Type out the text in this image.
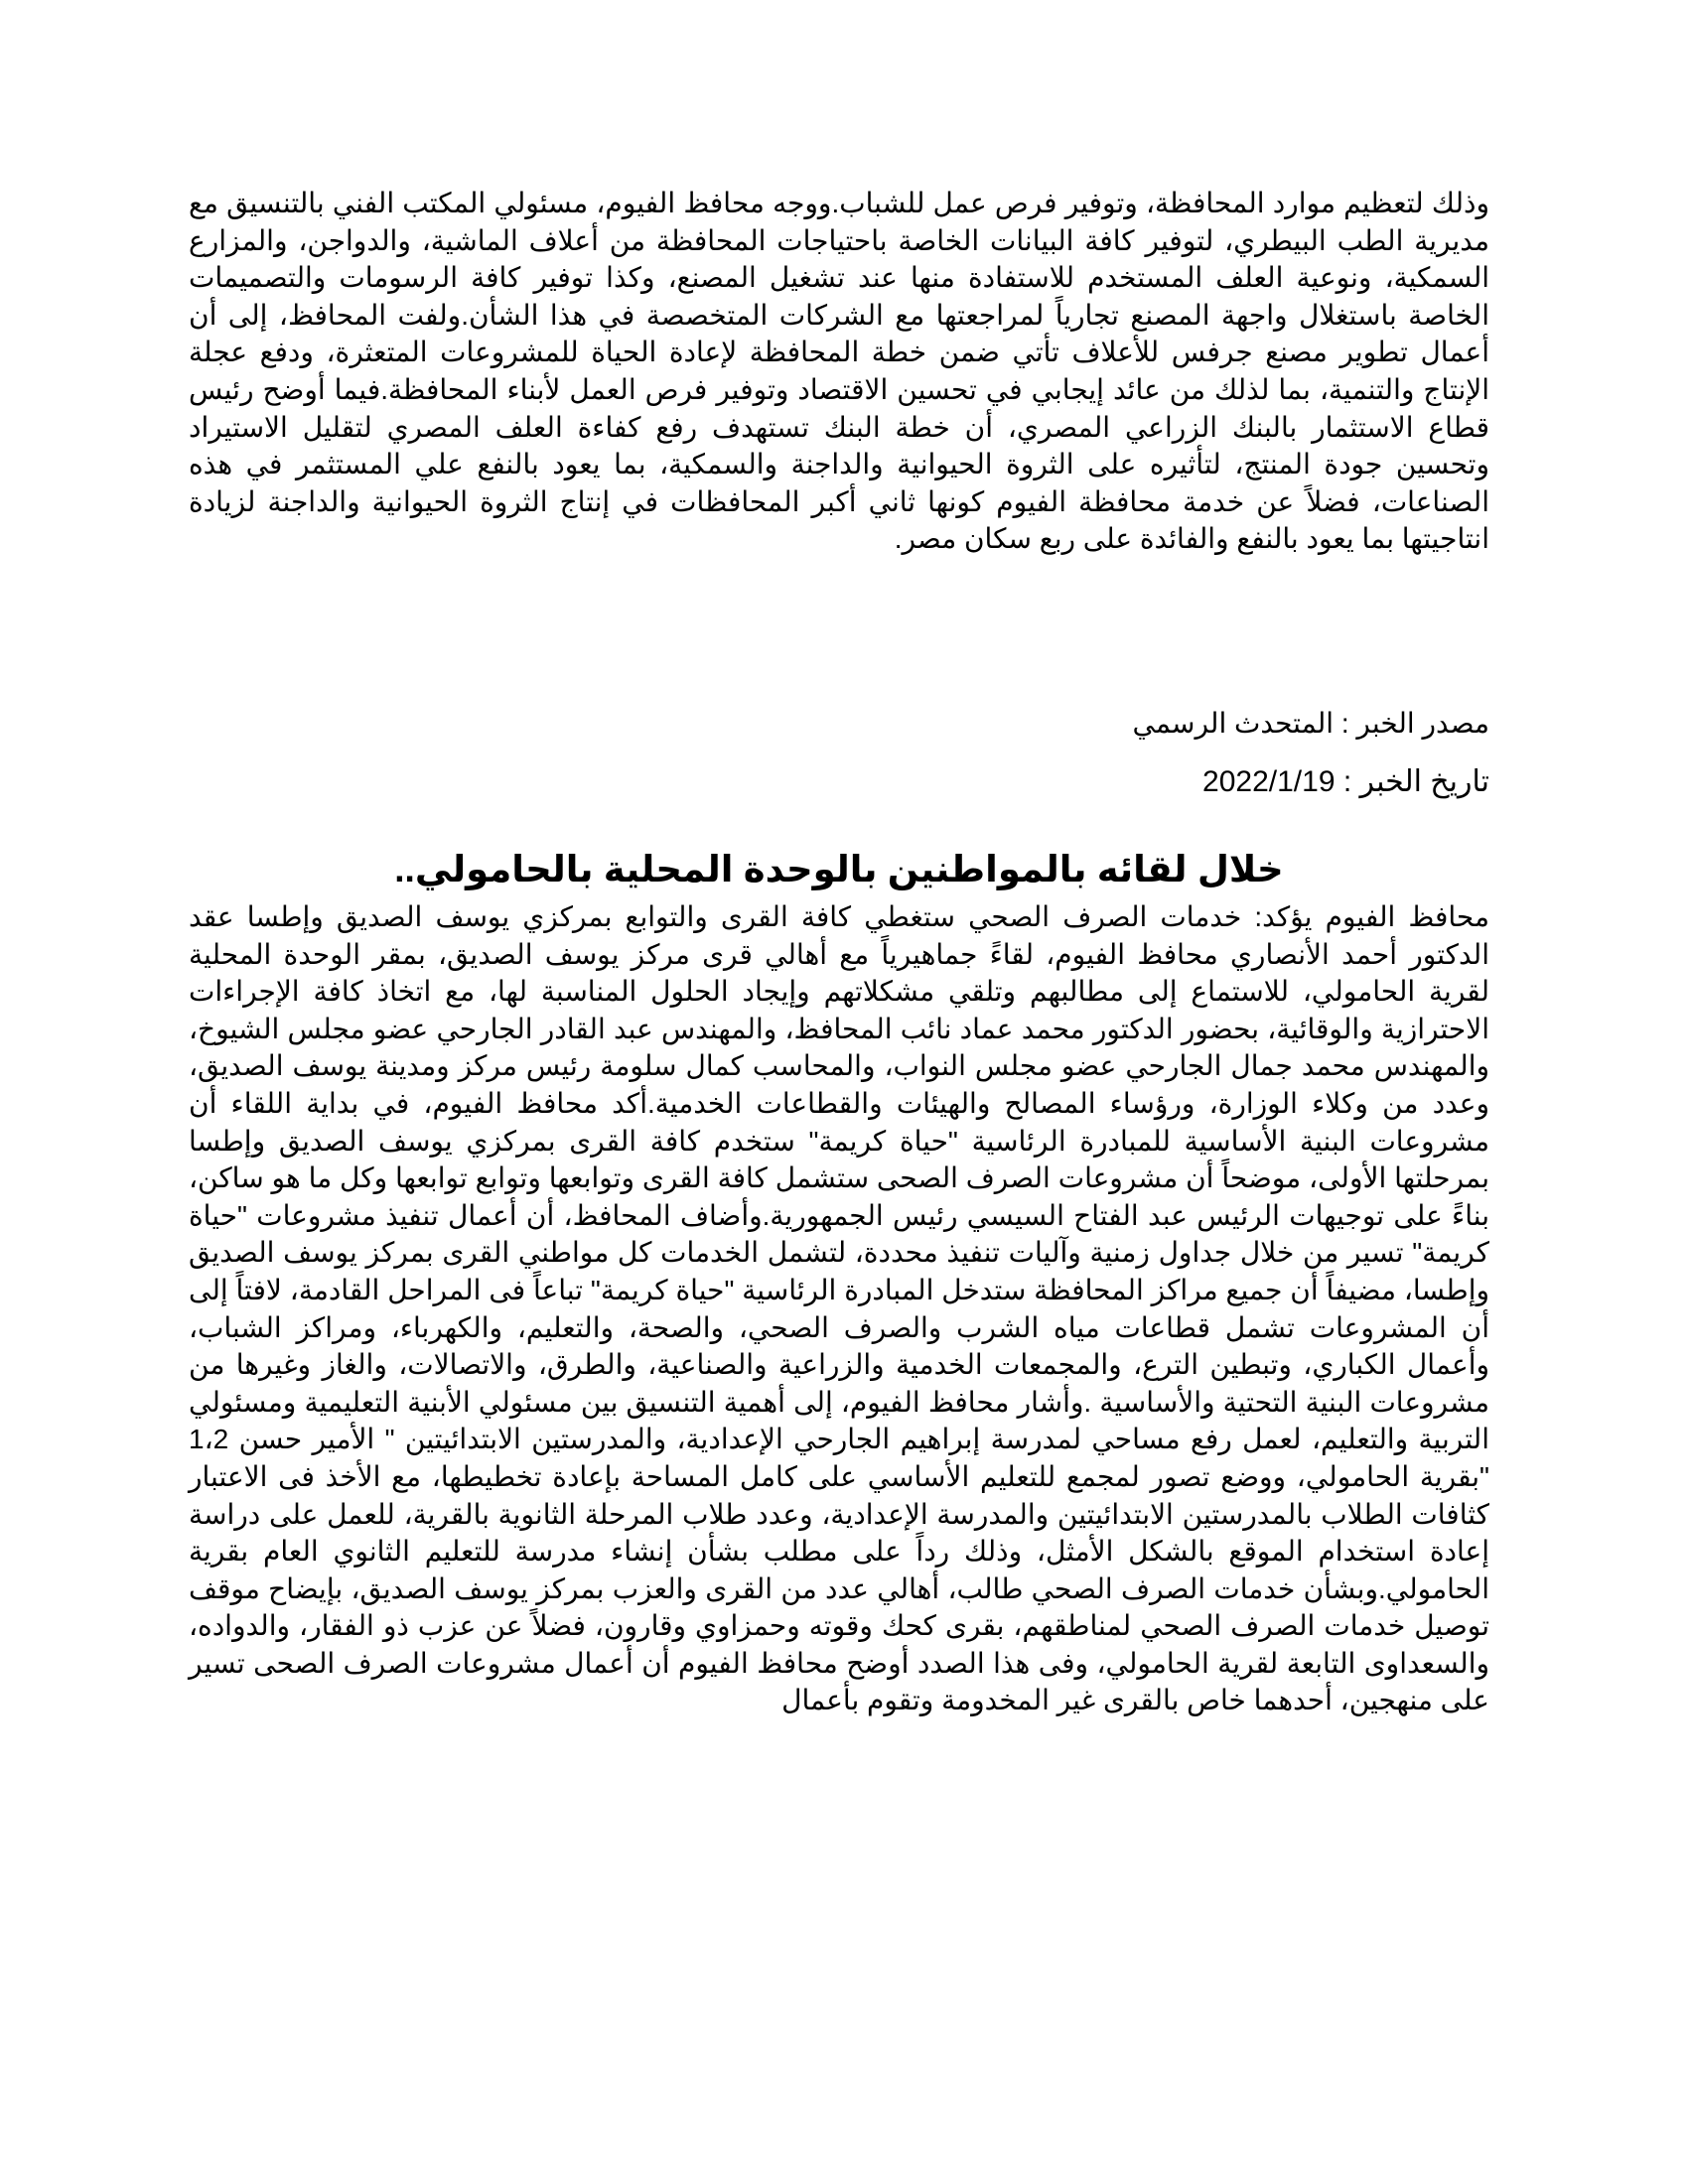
وذلك لتعظيم موارد المحافظة، وتوفير فرص عمل للشباب.ووجه محافظ الفيوم، مسئولي المكتب الفني بالتنسيق مع مديرية الطب البيطري، لتوفير كافة البيانات الخاصة باحتياجات المحافظة من أعلاف الماشية، والدواجن، والمزارع السمكية، ونوعية العلف المستخدم للاستفادة منها عند تشغيل المصنع، وكذا توفير كافة الرسومات والتصميمات الخاصة باستغلال واجهة المصنع تجارياً لمراجعتها مع الشركات المتخصصة في هذا الشأن.ولفت المحافظ، إلى أن أعمال تطوير مصنع جرفس للأعلاف تأتي ضمن خطة المحافظة لإعادة الحياة للمشروعات المتعثرة، ودفع عجلة الإنتاج والتنمية، بما لذلك من عائد إيجابي في تحسين الاقتصاد وتوفير فرص العمل لأبناء المحافظة.فيما أوضح رئيس قطاع الاستثمار بالبنك الزراعي المصري، أن خطة البنك تستهدف رفع كفاءة العلف المصري لتقليل الاستيراد وتحسين جودة المنتج، لتأثيره على الثروة الحيوانية والداجنة والسمكية، بما يعود بالنفع علي المستثمر في هذه الصناعات، فضلاً عن خدمة محافظة الفيوم كونها ثاني أكبر المحافظات في إنتاج الثروة الحيوانية والداجنة لزيادة انتاجيتها بما يعود بالنفع والفائدة على ربع سكان مصر.

مصدر الخبر : المتحدث الرسمي

تاريخ الخبر : 2022/1/19

خلال لقائه بالمواطنين بالوحدة المحلية بالحامولي..

محافظ الفيوم يؤكد: خدمات الصرف الصحي ستغطي كافة القرى والتوابع بمركزي يوسف الصديق وإطسا عقد الدكتور أحمد الأنصاري محافظ الفيوم، لقاءً جماهيرياً مع أهالي قرى مركز يوسف الصديق، بمقر الوحدة المحلية لقرية الحامولي، للاستماع إلى مطالبهم وتلقي مشكلاتهم وإيجاد الحلول المناسبة لها، مع اتخاذ كافة الإجراءات الاحترازية والوقائية، بحضور الدكتور محمد عماد نائب المحافظ، والمهندس عبد القادر الجارحي عضو مجلس الشيوخ، والمهندس محمد جمال الجارحي عضو مجلس النواب، والمحاسب كمال سلومة رئيس مركز ومدينة يوسف الصديق، وعدد من وكلاء الوزارة، ورؤساء المصالح والهيئات والقطاعات الخدمية.أكد محافظ الفيوم، في بداية اللقاء أن مشروعات البنية الأساسية للمبادرة الرئاسية "حياة كريمة" ستخدم كافة القرى بمركزي يوسف الصديق وإطسا بمرحلتها الأولى، موضحاً أن مشروعات الصرف الصحى ستشمل كافة القرى وتوابعها وتوابع توابعها وكل ما هو ساكن، بناءً على توجيهات الرئيس عبد الفتاح السيسي رئيس الجمهورية.وأضاف المحافظ، أن أعمال تنفيذ مشروعات "حياة كريمة" تسير من خلال جداول زمنية وآليات تنفيذ محددة، لتشمل الخدمات كل مواطني القرى بمركز يوسف الصديق وإطسا، مضيفاً أن جميع مراكز المحافظة ستدخل المبادرة الرئاسية "حياة كريمة" تباعاً فى المراحل القادمة، لافتاً إلى أن المشروعات تشمل قطاعات مياه الشرب والصرف الصحي، والصحة، والتعليم، والكهرباء، ومراكز الشباب، وأعمال الكباري، وتبطين الترع، والمجمعات الخدمية والزراعية والصناعية، والطرق، والاتصالات، والغاز وغيرها من مشروعات البنية التحتية والأساسية .وأشار محافظ الفيوم، إلى أهمية التنسيق بين مسئولي الأبنية التعليمية ومسئولي التربية والتعليم، لعمل رفع مساحي لمدرسة إبراهيم الجارحي الإعدادية، والمدرستين الابتدائيتين " الأمير حسن 1،2 "بقرية الحامولي، ووضع تصور لمجمع للتعليم الأساسي على كامل المساحة بإعادة تخطيطها، مع الأخذ فى الاعتبار كثافات الطلاب بالمدرستين الابتدائيتين والمدرسة الإعدادية، وعدد طلاب المرحلة الثانوية بالقرية، للعمل على دراسة إعادة استخدام الموقع بالشكل الأمثل، وذلك رداً على مطلب بشأن إنشاء مدرسة للتعليم الثانوي العام بقرية الحامولي.وبشأن خدمات الصرف الصحي طالب، أهالي عدد من القرى والعزب بمركز يوسف الصديق، بإيضاح موقف توصيل خدمات الصرف الصحي لمناطقهم، بقرى كحك وقوته وحمزاوي وقارون، فضلاً عن عزب ذو الفقار، والدواده، والسعداوى التابعة لقرية الحامولي، وفى هذا الصدد أوضح محافظ الفيوم أن أعمال مشروعات الصرف الصحى تسير على منهجين، أحدهما خاص بالقرى غير المخدومة وتقوم بأعمال
